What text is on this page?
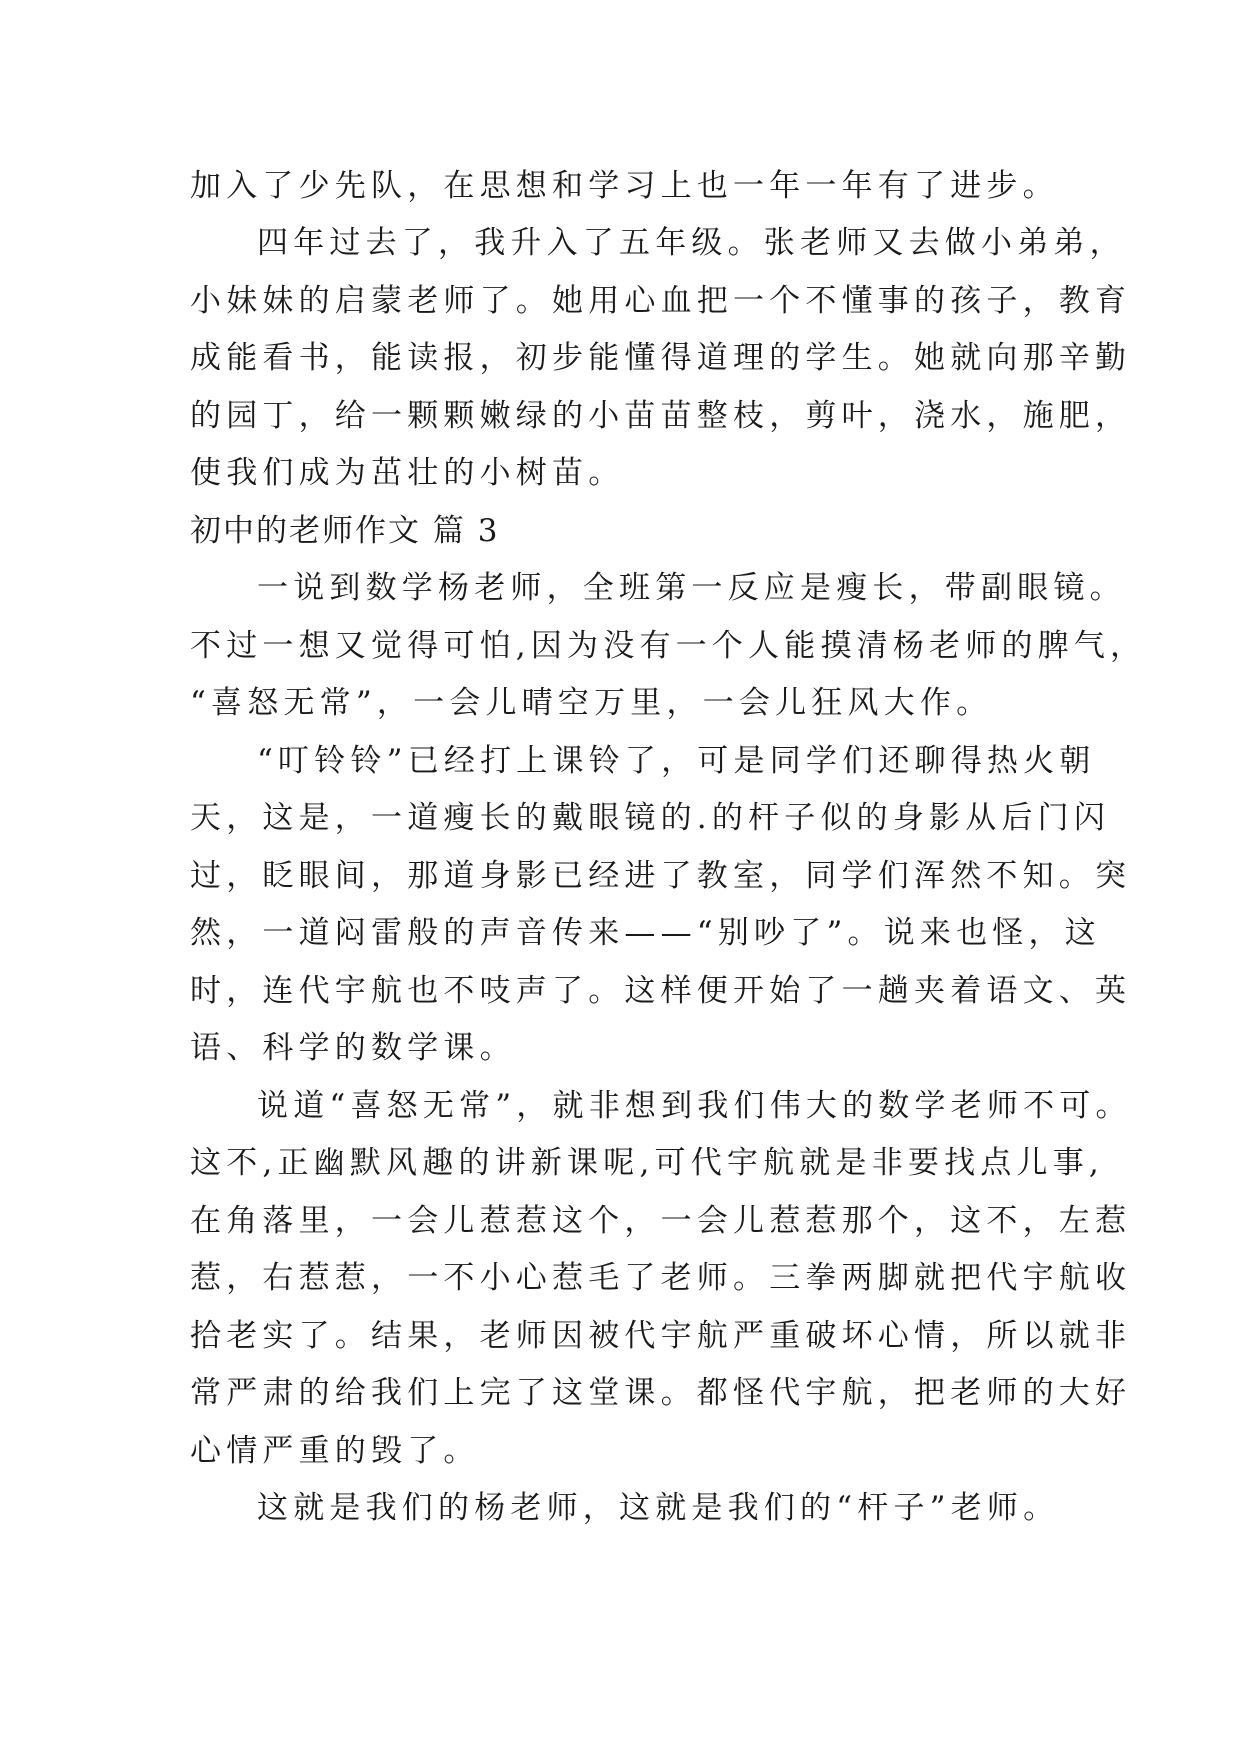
加入了少先队，在思想和学习上也一年一年有了进步。
四年过去了，我升入了五年级。张老师又去做小弟弟，
小妹妹的启蒙老师了。她用心血把一个不懂事的孩子，教育
成能看书，能读报，初步能懂得道理的学生。她就向那辛勤
的园丁，给一颗颗嫩绿的小苗苗整枝，剪叶，浇水，施肥，
使我们成为茁壮的小树苗。
初中的老师作文 篇 3
一说到数学杨老师，全班第一反应是瘦长，带副眼镜。
不过一想又觉得可怕,因为没有一个人能摸清杨老师的脾气，
“喜怒无常”，一会儿晴空万里，一会儿狂风大作。
“叮铃铃”已经打上课铃了，可是同学们还聊得热火朝
天，这是，一道瘦长的戴眼镜的.的杆子似的身影从后门闪
过，眨眼间，那道身影已经进了教室，同学们浑然不知。突
然，一道闷雷般的声音传来——“别吵了”。说来也怪，这
时，连代宇航也不吱声了。这样便开始了一趟夹着语文、英
语、科学的数学课。
说道“喜怒无常”，就非想到我们伟大的数学老师不可。
这不,正幽默风趣的讲新课呢,可代宇航就是非要找点儿事,
在角落里，一会儿惹惹这个，一会儿惹惹那个，这不，左惹
惹，右惹惹，一不小心惹毛了老师。三拳两脚就把代宇航收
拾老实了。结果，老师因被代宇航严重破坏心情，所以就非
常严肃的给我们上完了这堂课。都怪代宇航，把老师的大好
心情严重的毁了。
这就是我们的杨老师，这就是我们的“杆子”老师。
